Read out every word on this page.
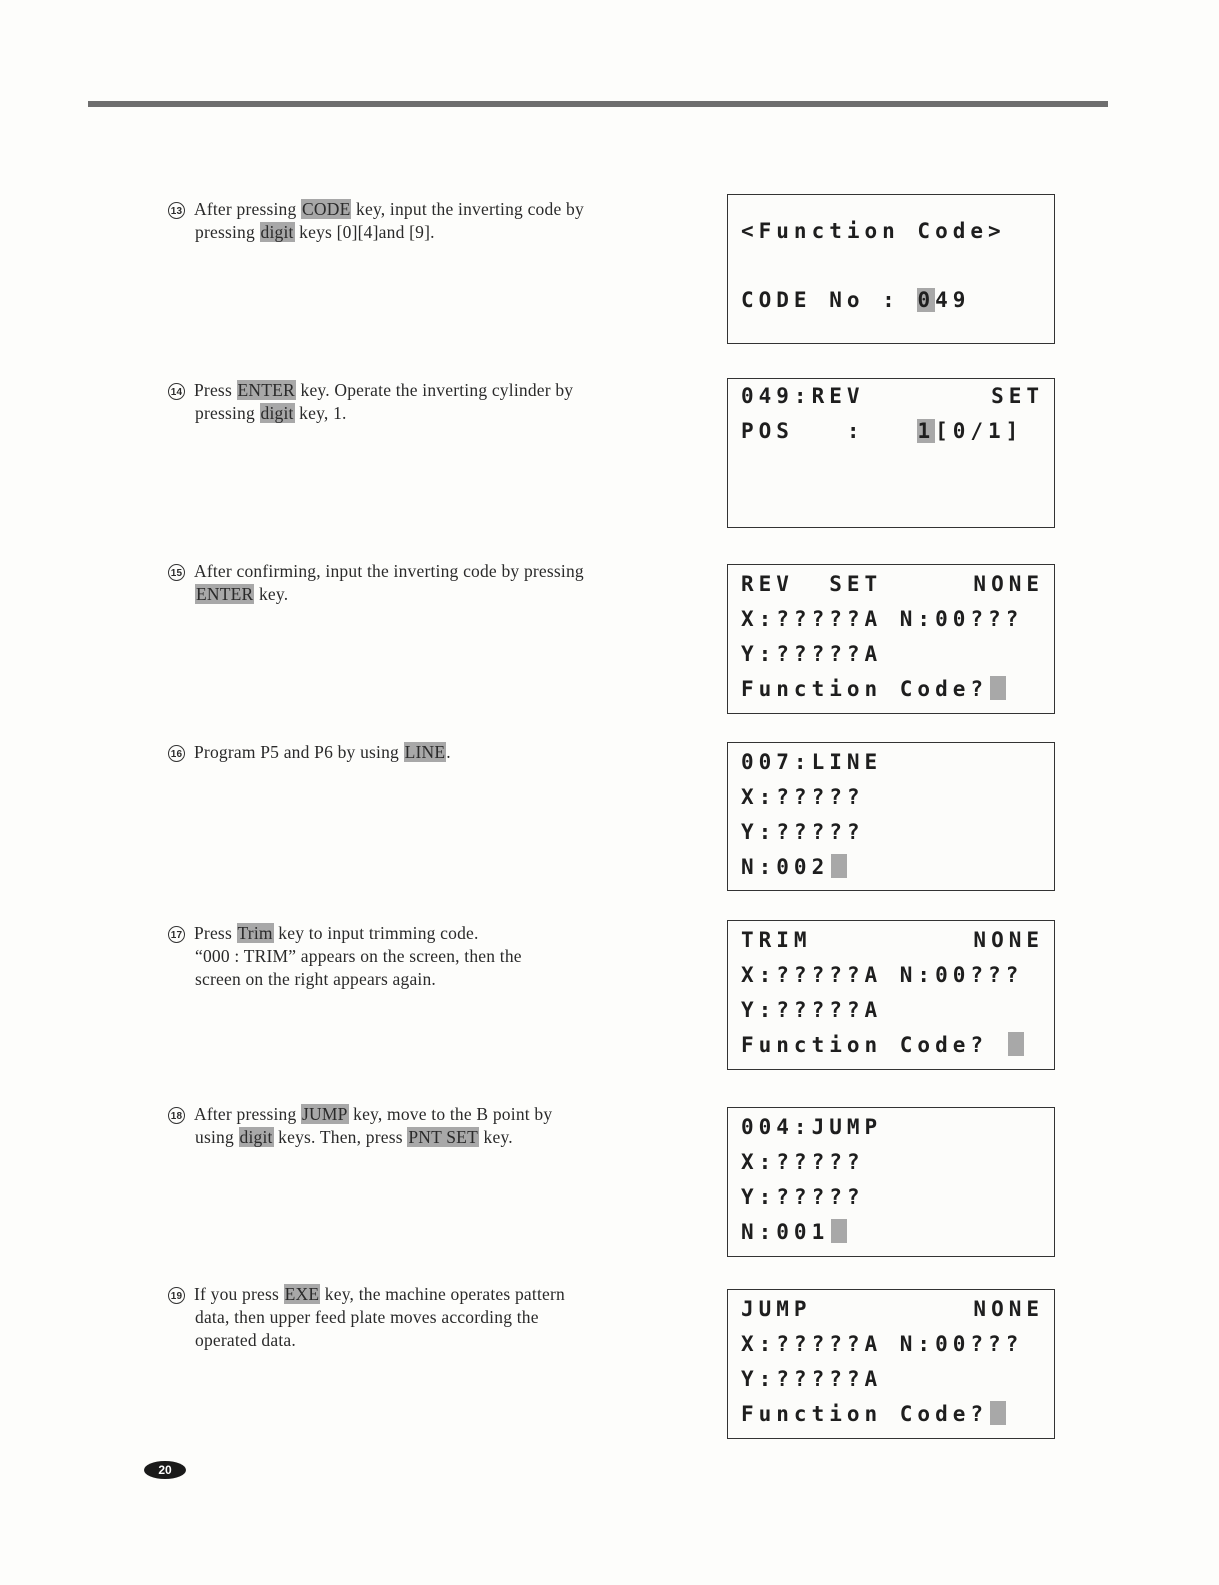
13 After pressing CODE key, input the inverting code by
pressing digit keys [0][4]and [9].
14 Press ENTER key. Operate the inverting cylinder by
pressing digit key, 1.
15 After confirming, input the inverting code by pressing
ENTER key.
16 Program P5 and P6 by using LINE.
17 Press Trim key to input trimming code.
“000 : TRIM” appears on the screen, then the
screen on the right appears again.
18 After pressing JUMP key, move to the B point by
using digit keys. Then, press PNT SET key.
19 If you press EXE key, the machine operates pattern
data, then upper feed plate moves according the
operated data.
<Function Code>
CODE No : 049
049:REV	SET
POS   :   1[0/1]
REV  SET	NONE
X:?????A N:00???
Y:?????A
Function Code?
007:LINE
X:?????
Y:?????
N:002
TRIM	NONE
X:?????A N:00???
Y:?????A
Function Code?
004:JUMP
X:?????
Y:?????
N:001
JUMP	NONE
X:?????A N:00???
Y:?????A
Function Code?
20
